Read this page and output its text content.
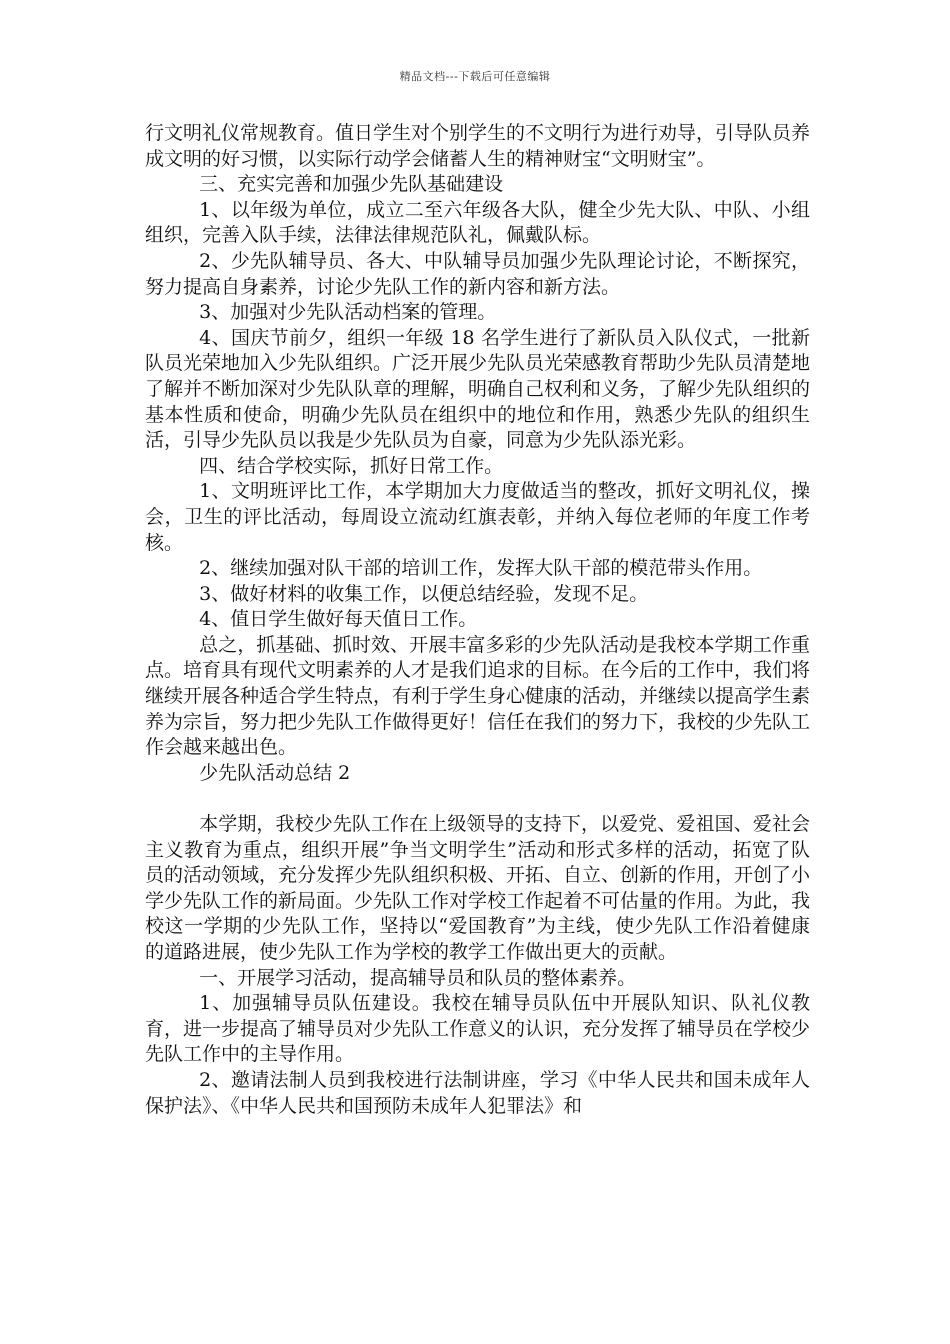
精品文档---下载后可任意编辑

行文明礼仪常规教育。值日学生对个别学生的不文明行为进行劝导，引导队员养成文明的好习惯，以实际行动学会储蓄人生的精神财宝“文明财宝”。

三、充实完善和加强少先队基础建设

1、以年级为单位，成立二至六年级各大队，健全少先大队、中队、小组组织，完善入队手续，法律法律规范队礼，佩戴队标。

2、少先队辅导员、各大、中队辅导员加强少先队理论讨论，不断探究，努力提高自身素养，讨论少先队工作的新内容和新方法。

3、加强对少先队活动档案的管理。

4、国庆节前夕，组织一年级 18 名学生进行了新队员入队仪式，一批新队员光荣地加入少先队组织。广泛开展少先队员光荣感教育帮助少先队员清楚地了解并不断加深对少先队队章的理解，明确自己权利和义务，了解少先队组织的基本性质和使命，明确少先队员在组织中的地位和作用，熟悉少先队的组织生活，引导少先队员以我是少先队员为自豪，同意为少先队添光彩。

四、结合学校实际，抓好日常工作。

1、文明班评比工作，本学期加大力度做适当的整改，抓好文明礼仪，操会，卫生的评比活动，每周设立流动红旗表彰，并纳入每位老师的年度工作考核。

2、继续加强对队干部的培训工作，发挥大队干部的模范带头作用。

3、做好材料的收集工作，以便总结经验，发现不足。

4、值日学生做好每天值日工作。

总之，抓基础、抓时效、开展丰富多彩的少先队活动是我校本学期工作重点。培育具有现代文明素养的人才是我们追求的目标。在今后的工作中，我们将继续开展各种适合学生特点，有利于学生身心健康的活动，并继续以提高学生素养为宗旨，努力把少先队工作做得更好！信任在我们的努力下，我校的少先队工作会越来越出色。

少先队活动总结 2

本学期，我校少先队工作在上级领导的支持下，以爱党、爱祖国、爱社会主义教育为重点，组织开展”争当文明学生”活动和形式多样的活动，拓宽了队员的活动领域，充分发挥少先队组织积极、开拓、自立、创新的作用，开创了小学少先队工作的新局面。少先队工作对学校工作起着不可估量的作用。为此，我校这一学期的少先队工作，坚持以“爱国教育”为主线，使少先队工作沿着健康的道路进展，使少先队工作为学校的教学工作做出更大的贡献。

一、开展学习活动，提高辅导员和队员的整体素养。

1、加强辅导员队伍建设。我校在辅导员队伍中开展队知识、队礼仪教育，进一步提高了辅导员对少先队工作意义的认识，充分发挥了辅导员在学校少先队工作中的主导作用。

2、邀请法制人员到我校进行法制讲座，学习《中华人民共和国未成年人保护法》、《中华人民共和国预防未成年人犯罪法》和
